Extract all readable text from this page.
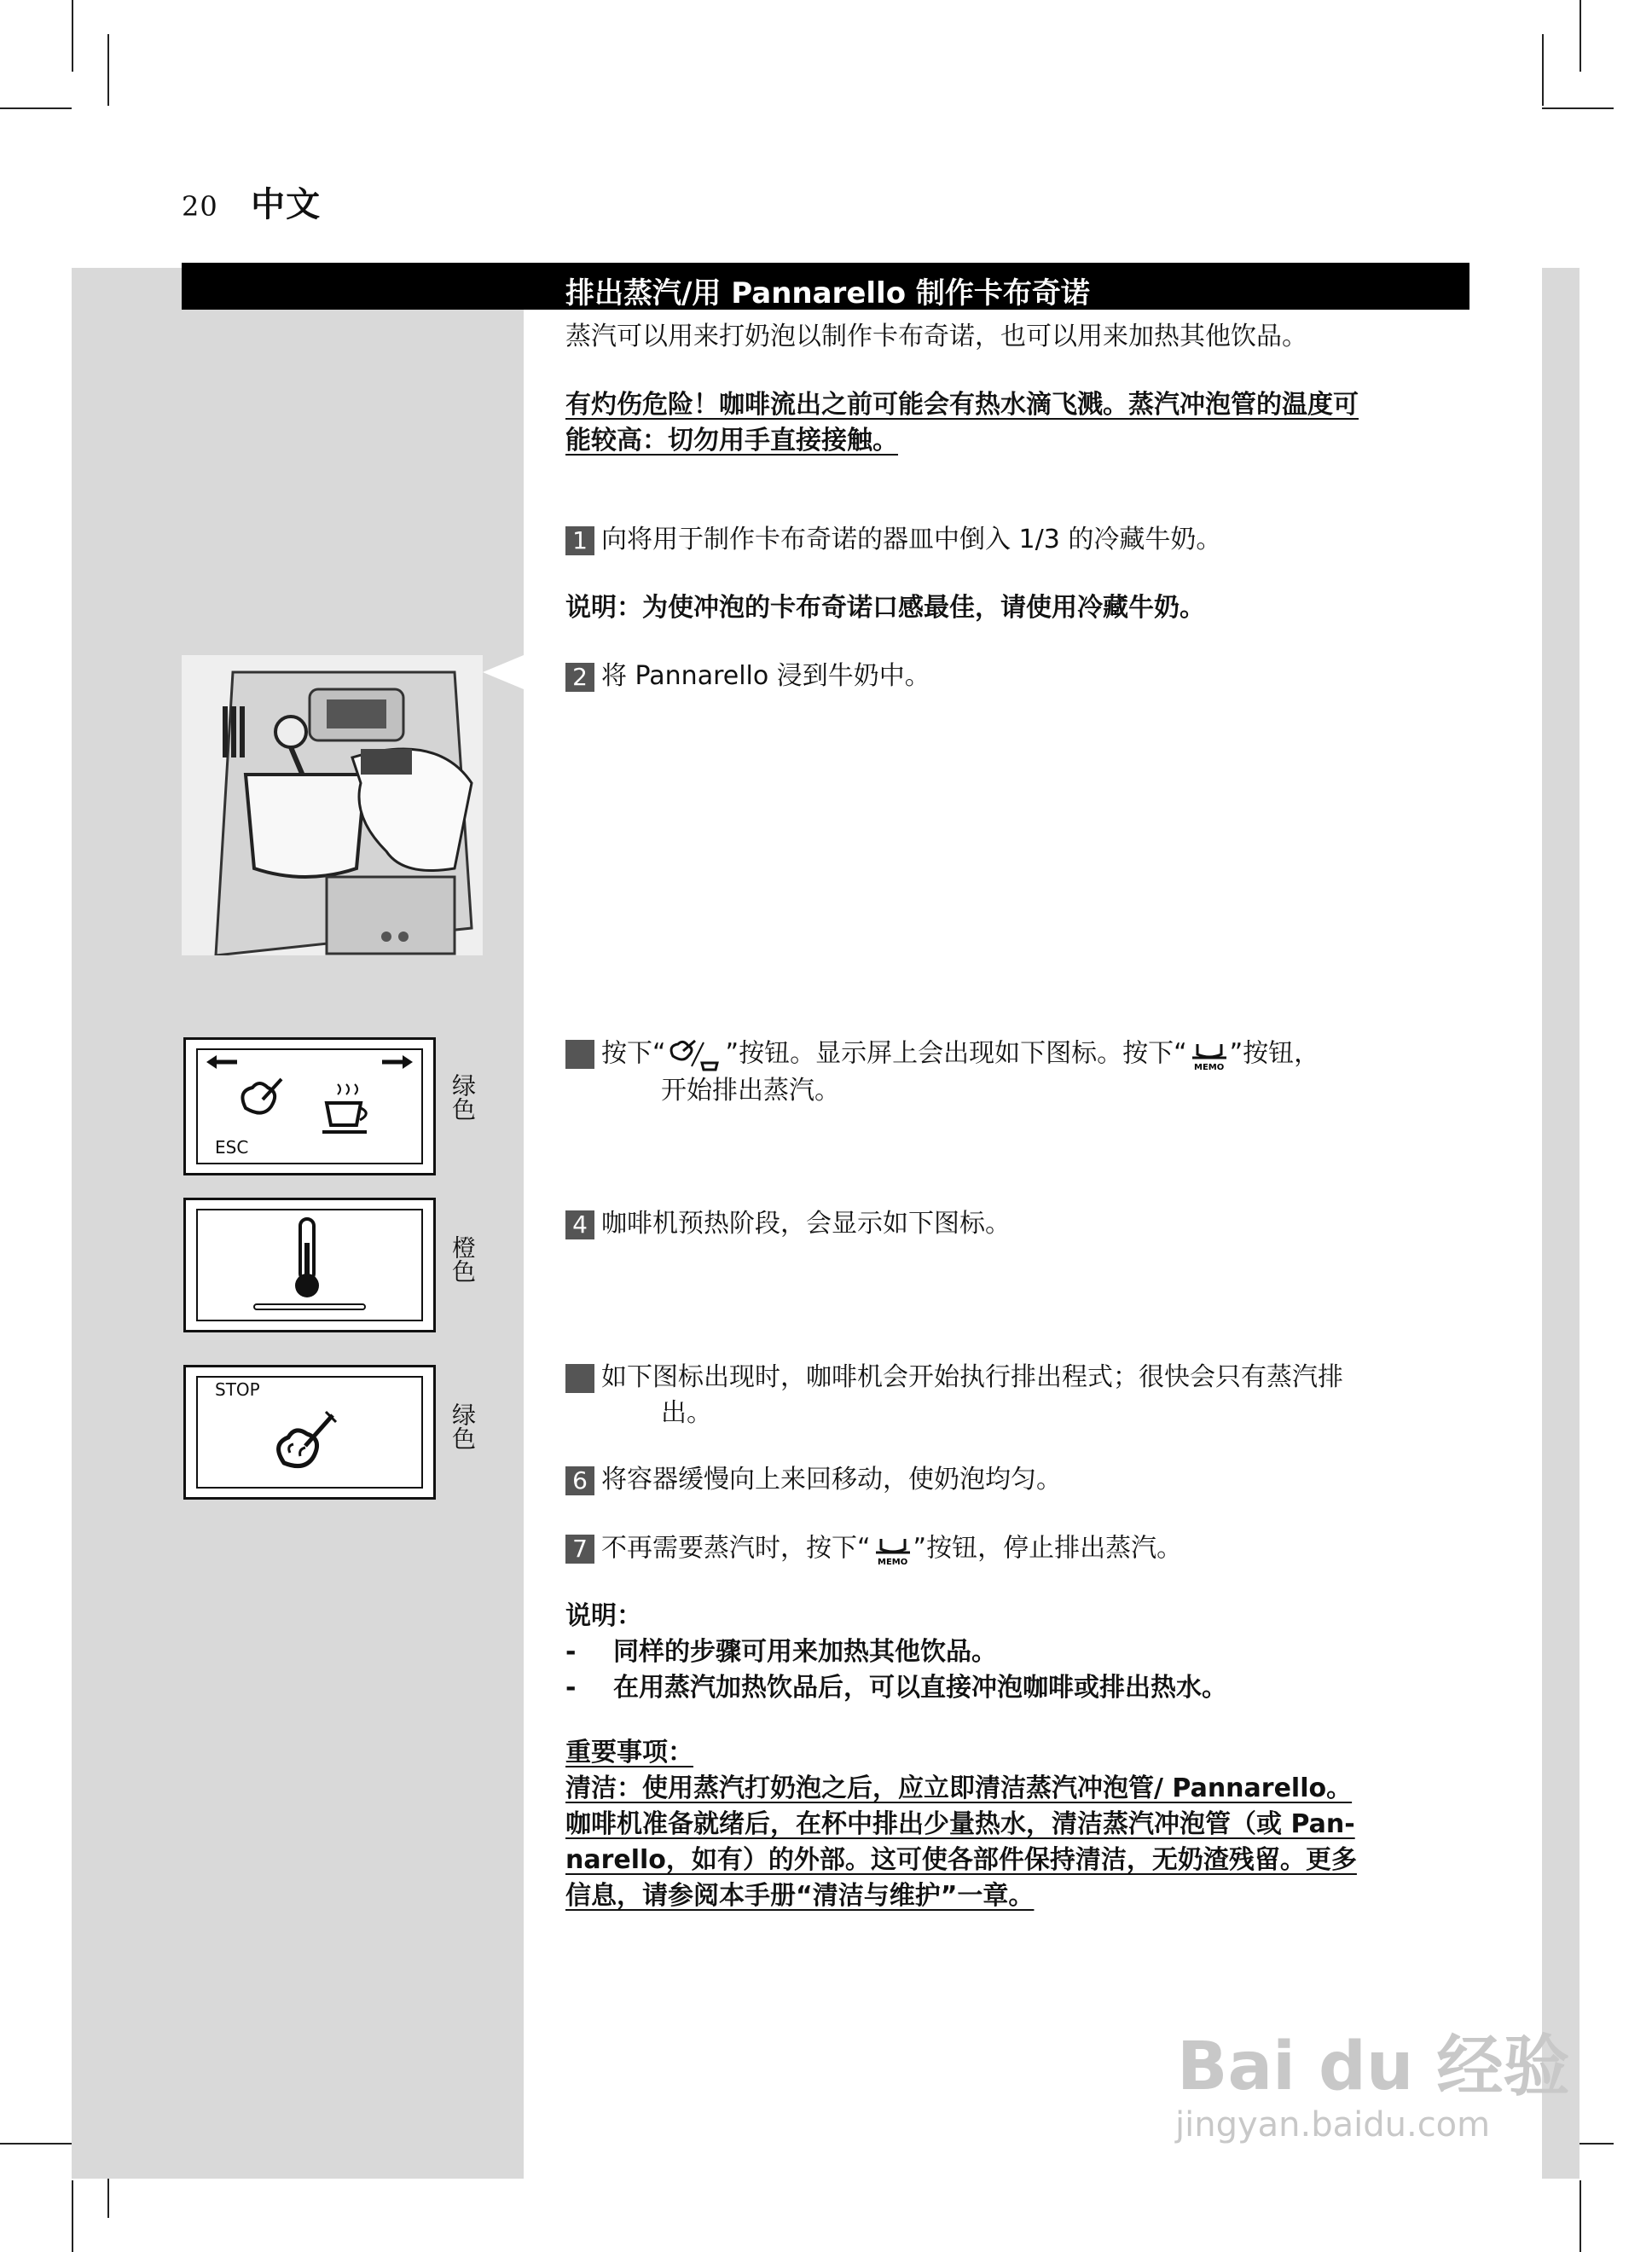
20 中文
排出蒸汽/用 Pannarello 制作卡布奇诺
蒸汽可以用来打奶泡以制作卡布奇诺，也可以用来加热其他饮品。
有灼伤危险！咖啡流出之前可能会有热水滴飞溅。蒸汽冲泡管的温度可
能较高：切勿用手直接接触。
1 向将用于制作卡布奇诺的器皿中倒入 1/3 的冷藏牛奶。
说明：为使冲泡的卡布奇诺口感最佳，请使用冷藏牛奶。
2 将 Pannarello 浸到牛奶中。
3 按下“ ”按钮。显示屏上会出现如下图标。按下“ MEMO ”按钮，
开始排出蒸汽。
ESC
绿色
4 咖啡机预热阶段，会显示如下图标。
橙色
5 如下图标出现时，咖啡机会开始执行排出程式；很快会只有蒸汽排
出。
STOP
绿色
6 将容器缓慢向上来回移动，使奶泡均匀。
7 不再需要蒸汽时，按下“ MEMO ”按钮，停止排出蒸汽。
说明：
- 同样的步骤可用来加热其他饮品。
- 在用蒸汽加热饮品后，可以直接冲泡咖啡或排出热水。
重要事项：
清洁：使用蒸汽打奶泡之后，应立即清洁蒸汽冲泡管/ Pannarello。
咖啡机准备就绪后，在杯中排出少量热水，清洁蒸汽冲泡管（或 Pan-
narello，如有）的外部。这可使各部件保持清洁，无奶渣残留。更多
信息，请参阅本手册“清洁与维护”一章。
Bai du 经验
jingyan.baidu.com
